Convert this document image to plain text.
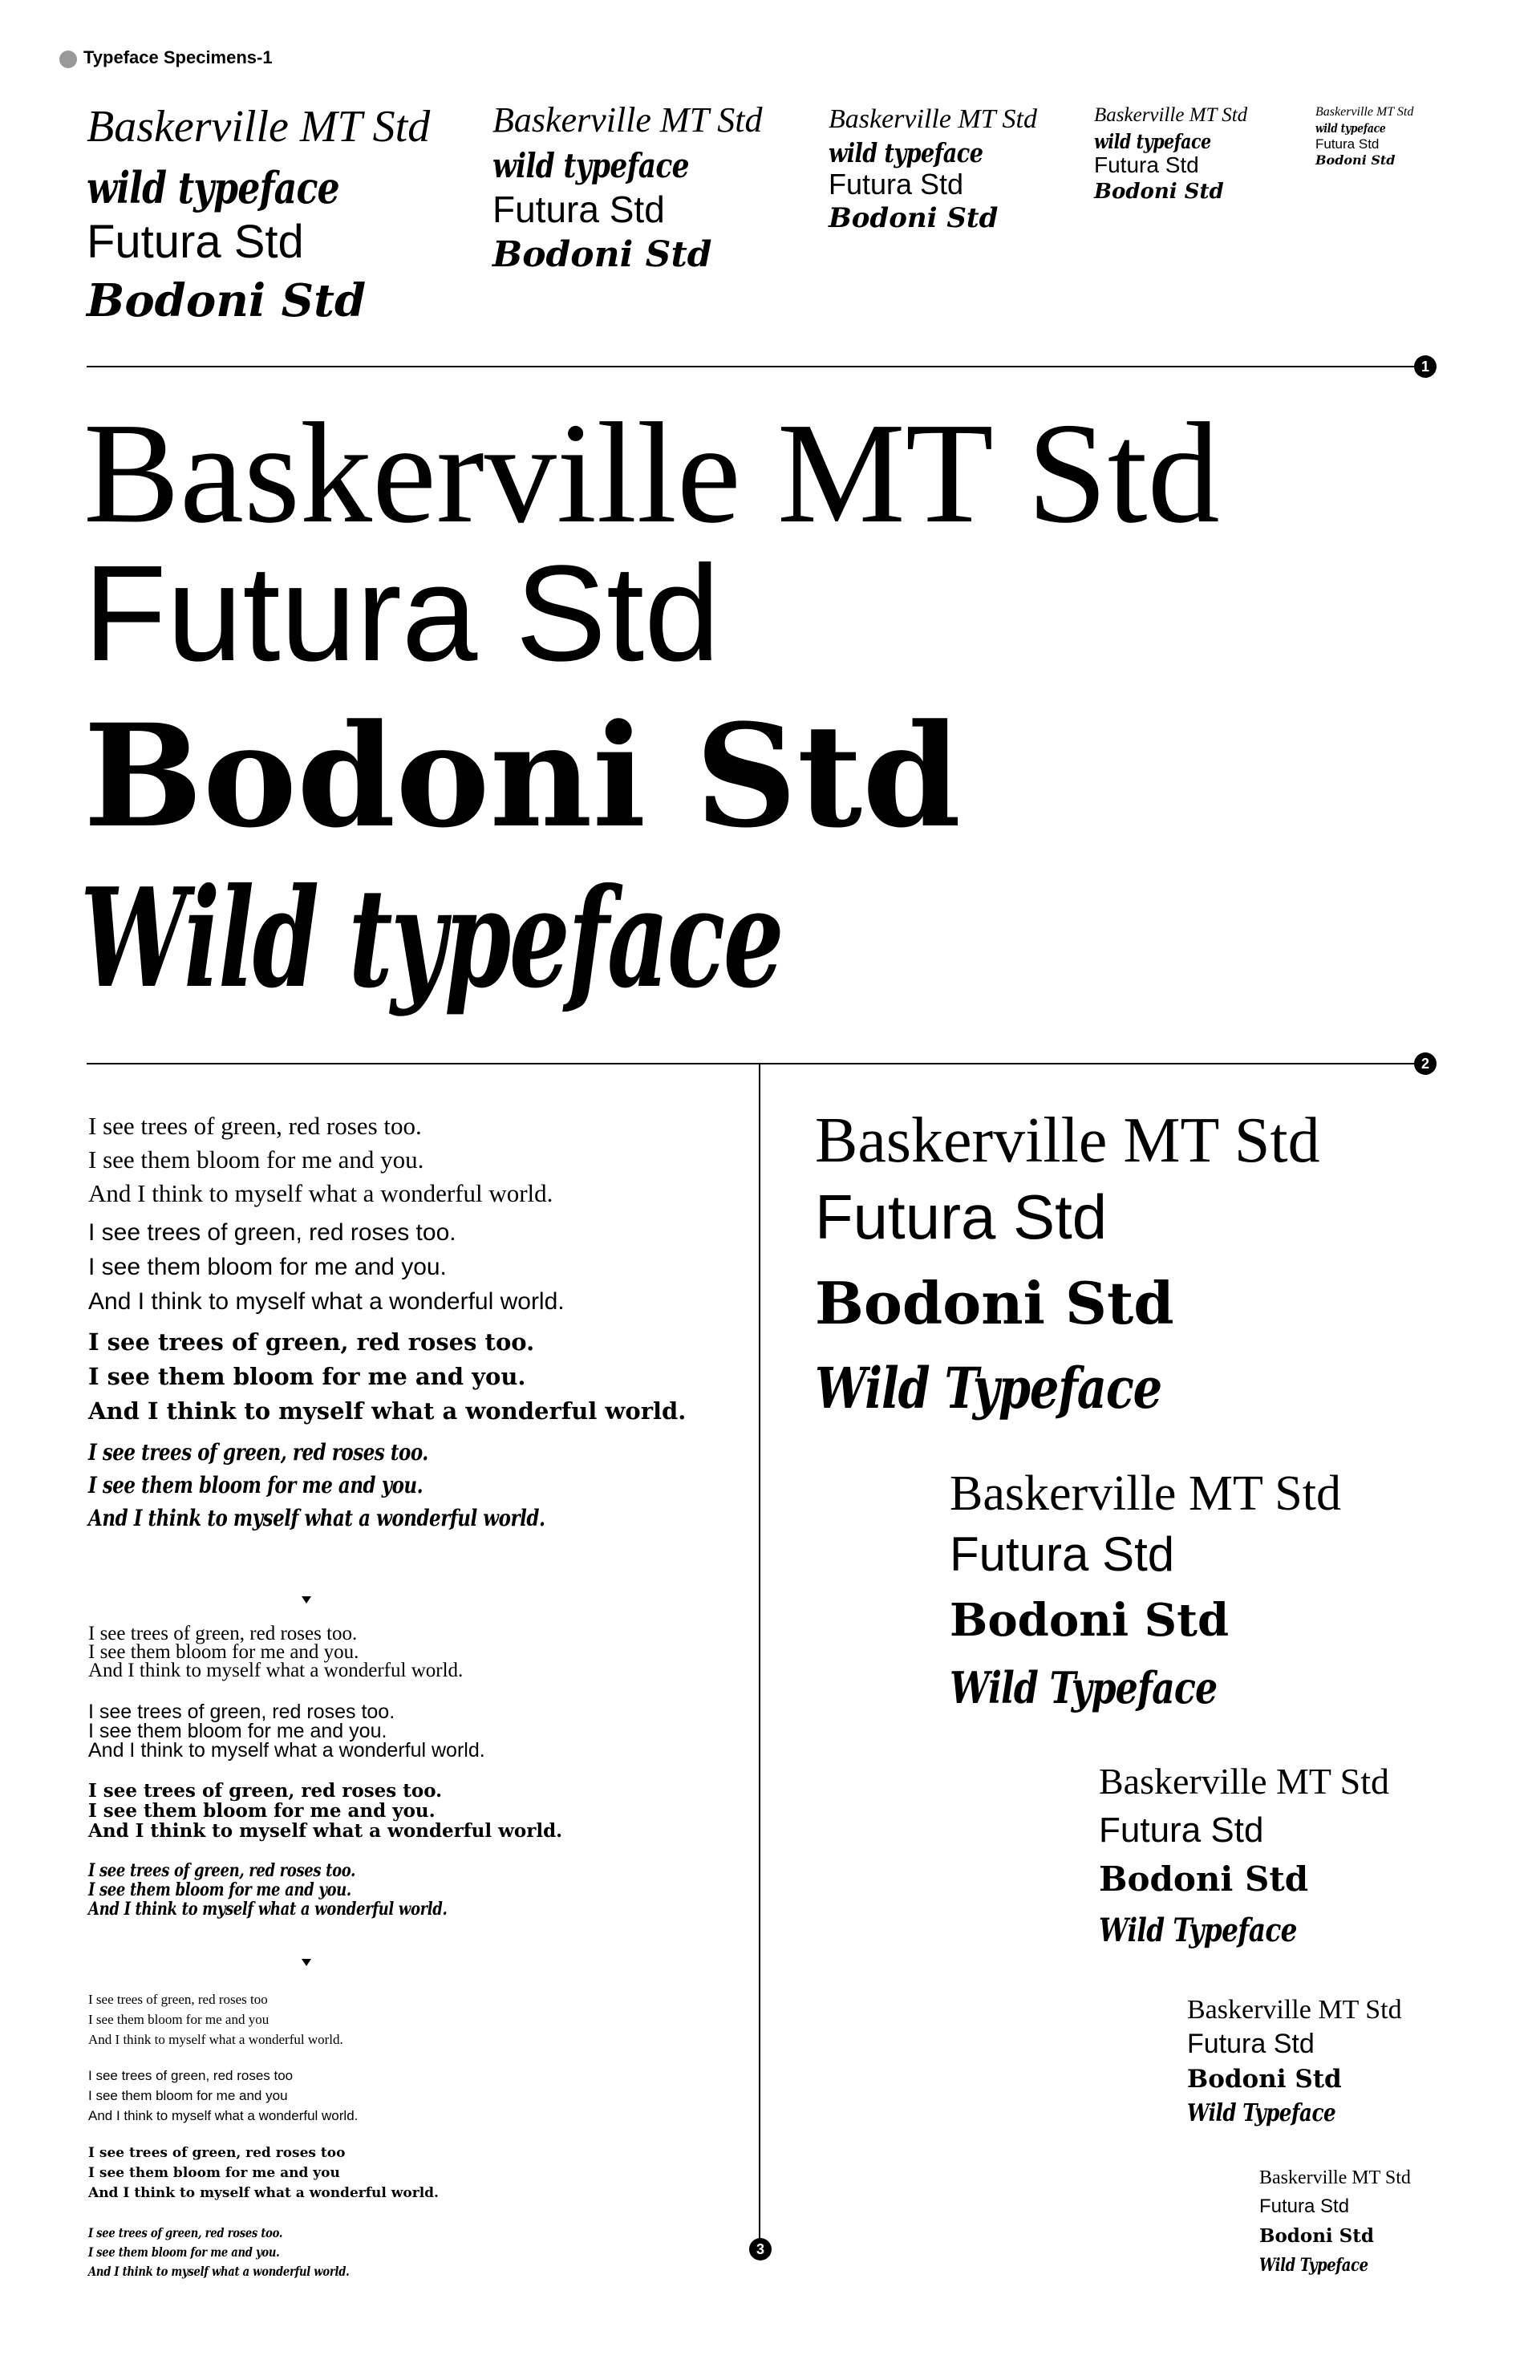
Typeface Specimens-1
Baskerville MT Std
wild typeface
Futura Std
Bodoni Std
Baskerville MT Std
wild typeface
Futura Std
Bodoni Std
Baskerville MT Std
wild typeface
Futura Std
Bodoni Std
Baskerville MT Std
wild typeface
Futura Std
Bodoni Std
Baskerville MT Std
wild typeface
Futura Std
Bodoni Std
1
Baskerville MT Std
Futura Std
Bodoni Std
Wild typeface
2
3
I see trees of green, red roses too.
I see them bloom for me and you.
And I think to myself what a wonderful world.
I see trees of green, red roses too.
I see them bloom for me and you.
And I think to myself what a wonderful world.
I see trees of green, red roses too.
I see them bloom for me and you.
And I think to myself what a wonderful world.
I see trees of green, red roses too.
I see them bloom for me and you.
And I think to myself what a wonderful world.
I see trees of green, red roses too.
I see them bloom for me and you.
And I think to myself what a wonderful world.
I see trees of green, red roses too.
I see them bloom for me and you.
And I think to myself what a wonderful world.
I see trees of green, red roses too.
I see them bloom for me and you.
And I think to myself what a wonderful world.
I see trees of green, red roses too.
I see them bloom for me and you.
And I think to myself what a wonderful world.
I see trees of green, red roses too
I see them bloom for me and you
And I think to myself what a wonderful world.
I see trees of green, red roses too
I see them bloom for me and you
And I think to myself what a wonderful world.
I see trees of green, red roses too
I see them bloom for me and you
And I think to myself what a wonderful world.
I see trees of green, red roses too.
I see them bloom for me and you.
And I think to myself what a wonderful world.
Baskerville MT Std
Futura Std
Bodoni Std
Wild Typeface
Baskerville MT Std
Futura Std
Bodoni Std
Wild Typeface
Baskerville MT Std
Futura Std
Bodoni Std
Wild Typeface
Baskerville MT Std
Futura Std
Bodoni Std
Wild Typeface
Baskerville MT Std
Futura Std
Bodoni Std
Wild Typeface
